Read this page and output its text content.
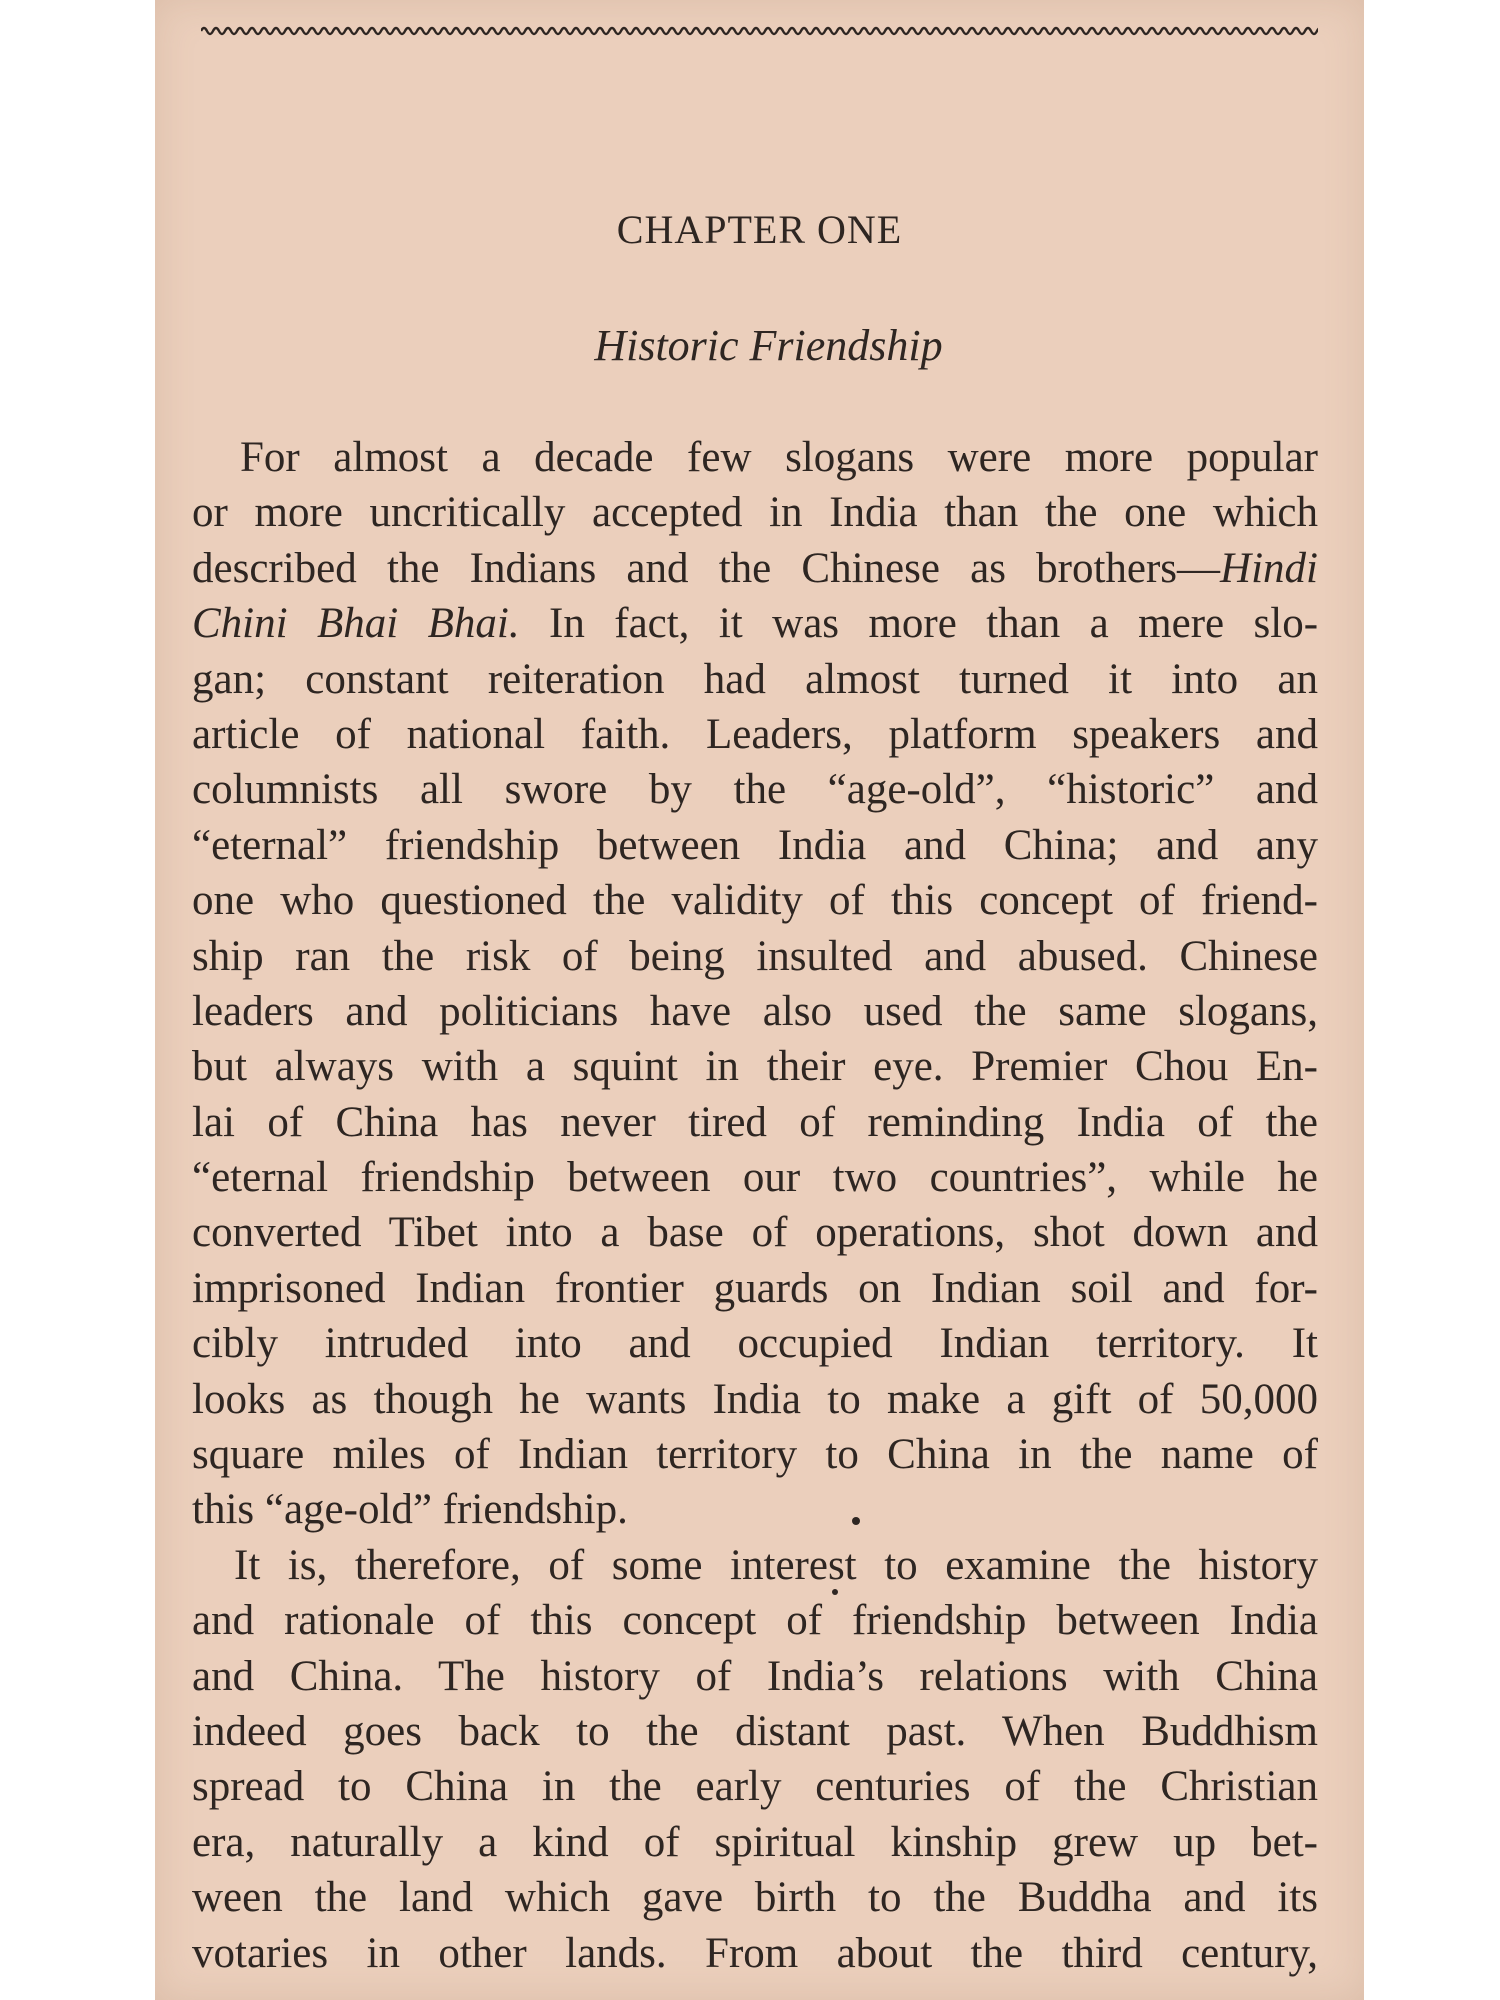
CHAPTER ONE
Historic Friendship
For almost a decade few slogans were more popular
or more uncritically accepted in India than the one which
described the Indians and the Chinese as brothers—Hindi
Chini Bhai Bhai. In fact, it was more than a mere slo-
gan; constant reiteration had almost turned it into an
article of national faith. Leaders, platform speakers and
columnists all swore by the “age-old”, “historic” and
“eternal” friendship between India and China; and any
one who questioned the validity of this concept of friend-
ship ran the risk of being insulted and abused. Chinese
leaders and politicians have also used the same slogans,
but always with a squint in their eye. Premier Chou En-
lai of China has never tired of reminding India of the
“eternal friendship between our two countries”, while he
converted Tibet into a base of operations, shot down and
imprisoned Indian frontier guards on Indian soil and for-
cibly intruded into and occupied Indian territory. It
looks as though he wants India to make a gift of 50,000
square miles of Indian territory to China in the name of
this “age-old” friendship.
It is, therefore, of some interest to examine the history
and rationale of this concept of friendship between India
and China. The history of India’s relations with China
indeed goes back to the distant past. When Buddhism
spread to China in the early centuries of the Christian
era, naturally a kind of spiritual kinship grew up bet-
ween the land which gave birth to the Buddha and its
votaries in other lands. From about the third century,
